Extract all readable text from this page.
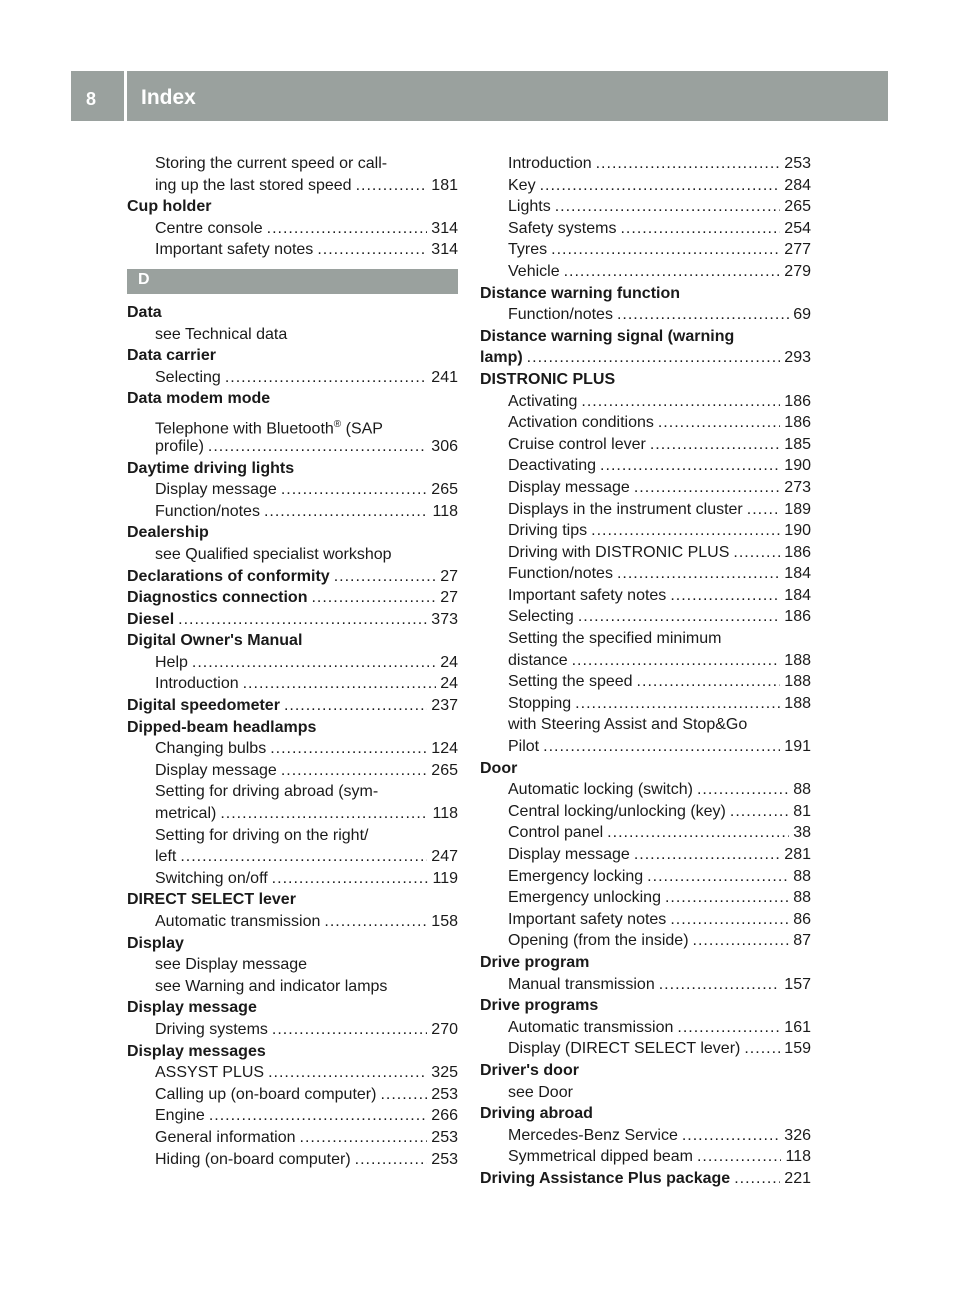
8 Index
Storing the current speed or call-
ing up the last stored speed .....	181
Cup holder
Centre console .....	314
Important safety notes .....	314
D
Data
see Technical data
Data carrier
Selecting .....	241
Data modem mode
Telephone with Bluetooth® (SAP
profile) .....	306
Daytime driving lights
Display message .....	265
Function/notes .....	118
Dealership
see Qualified specialist workshop
Declarations of conformity .....	27
Diagnostics connection .....	27
Diesel .....	373
Digital Owner's Manual
Help .....	24
Introduction .....	24
Digital speedometer .....	237
Dipped-beam headlamps
Changing bulbs .....	124
Display message .....	265
Setting for driving abroad (sym-
metrical) .....	118
Setting for driving on the right/
left .....	247
Switching on/off .....	119
DIRECT SELECT lever
Automatic transmission .....	158
Display
see Display message
see Warning and indicator lamps
Display message
Driving systems .....	270
Display messages
ASSYST PLUS .....	325
Calling up (on-board computer) .....	253
Engine .....	266
General information .....	253
Hiding (on-board computer) .....	253
Introduction .....	253
Key .....	284
Lights .....	265
Safety systems .....	254
Tyres .....	277
Vehicle .....	279
Distance warning function
Function/notes .....	69
Distance warning signal (warning
lamp) .....	293
DISTRONIC PLUS
Activating .....	186
Activation conditions .....	186
Cruise control lever .....	185
Deactivating .....	190
Display message .....	273
Displays in the instrument cluster .....	189
Driving tips .....	190
Driving with DISTRONIC PLUS .....	186
Function/notes .....	184
Important safety notes .....	184
Selecting .....	186
Setting the specified minimum
distance .....	188
Setting the speed .....	188
Stopping .....	188
with Steering Assist and Stop&Go
Pilot .....	191
Door
Automatic locking (switch) .....	88
Central locking/unlocking (key) .....	81
Control panel .....	38
Display message .....	281
Emergency locking .....	88
Emergency unlocking .....	88
Important safety notes .....	86
Opening (from the inside) .....	87
Drive program
Manual transmission .....	157
Drive programs
Automatic transmission .....	161
Display (DIRECT SELECT lever) .....	159
Driver's door
see Door
Driving abroad
Mercedes-Benz Service .....	326
Symmetrical dipped beam .....	118
Driving Assistance Plus package .....	221
